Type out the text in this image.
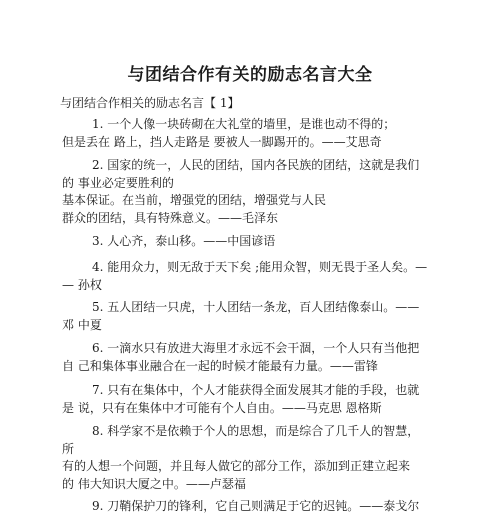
与团结合作有关的励志名言大全
与团结合作相关的励志名言【 1】
1. 一个人像一块砖砌在大礼堂的墙里，是谁也动不得的；
但是丢在 路上，挡人走路是 要被人一脚踢开的。——艾思奇
2. 国家的统一，人民的团结，国内各民族的团结，这就是我们
的 事业必定要胜利的
基本保证。在当前，增强党的团结，增强党与人民
群众的团结，具有特殊意义。——毛泽东
3. 人心齐，泰山移。——中国谚语
4. 能用众力，则无敌于天下矣 ;能用众智，则无畏于圣人矣。—
— 孙权
5. 五人团结一只虎，十人团结一条龙，百人团结像泰山。——
邓 中夏
6. 一滴水只有放进大海里才永远不会干涸，一个人只有当他把
自 己和集体事业融合在一起的时候才能最有力量。——雷锋
7. 只有在集体中，个人才能获得全面发展其才能的手段，也就
是 说，只有在集体中才可能有个人自由。——马克思 恩格斯
8. 科学家不是依赖于个人的思想，而是综合了几千人的智慧，
所
有的人想一个问题，并且每人做它的部分工作，添加到正建立起来
的 伟大知识大厦之中。——卢瑟福
9. 刀鞘保护刀的锋利，它自己则满足于它的迟钝。——泰戈尔
